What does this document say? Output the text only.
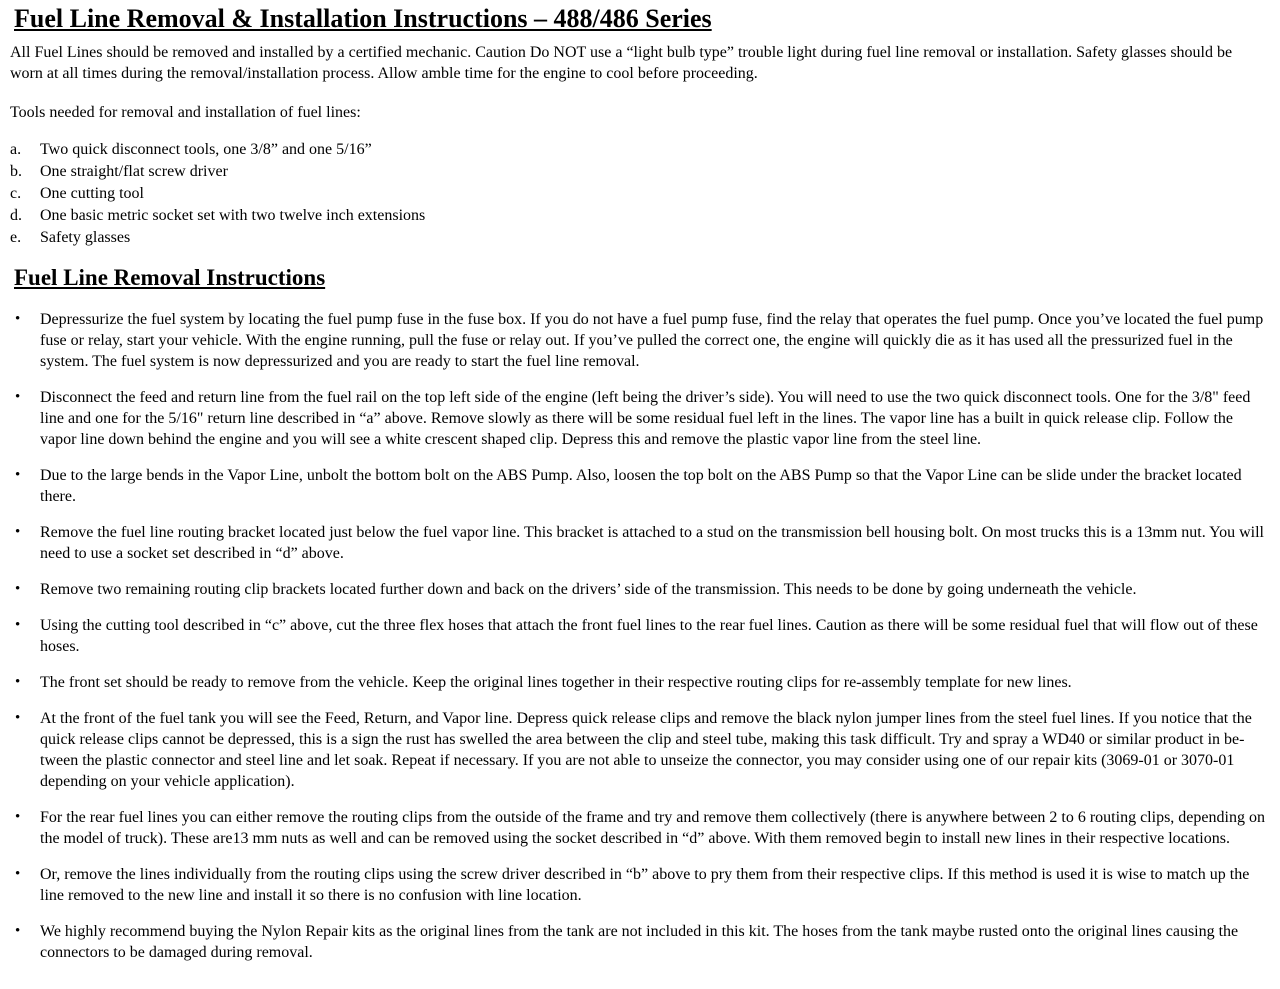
Fuel Line Removal & Installation Instructions – 488/486 Series

All Fuel Lines should be removed and installed by a certified mechanic. Caution Do NOT use a “light bulb type” trouble light during fuel line removal or installation. Safety glasses should be worn at all times during the removal/installation process. Allow amble time for the engine to cool before proceeding.

Tools needed for removal and installation of fuel lines:

a.	Two quick disconnect tools, one 3/8” and one 5/16”
b.	One straight/flat screw driver
c.	One cutting tool
d.	One basic metric socket set with two twelve inch extensions
e.	Safety glasses
Fuel Line Removal Instructions
•	Depressurize the fuel system by locating the fuel pump fuse in the fuse box. If you do not have a fuel pump fuse, find the relay that operates the fuel pump. Once you’ve located the fuel pump fuse or relay, start your vehicle. With the engine running, pull the fuse or relay out. If you’ve pulled the correct one, the engine will quickly die as it has used all the pressurized fuel in the system. The fuel system is now depressurized and you are ready to start the fuel line removal.
•	Disconnect the feed and return line from the fuel rail on the top left side of the engine (left being the driver’s side). You will need to use the two quick disconnect tools. One for the 3/8" feed line and one for the 5/16" return line described in “a” above. Remove slowly as there will be some residual fuel left in the lines. The vapor line has a built in quick release clip. Follow the vapor line down behind the engine and you will see a white crescent shaped clip. Depress this and remove the plastic vapor line from the steel line.
•	Due to the large bends in the Vapor Line, unbolt the bottom bolt on the ABS Pump. Also, loosen the top bolt on the ABS Pump so that the Vapor Line can be slide under the bracket located there.
•	Remove the fuel line routing bracket located just below the fuel vapor line. This bracket is attached to a stud on the transmission bell housing bolt. On most trucks this is a 13mm nut. You will need to use a socket set described in “d” above.
•	Remove two remaining routing clip brackets located further down and back on the drivers’ side of the transmission. This needs to be done by going underneath the vehicle.
•	Using the cutting tool described in “c” above, cut the three flex hoses that attach the front fuel lines to the rear fuel lines. Caution as there will be some residual fuel that will flow out of these hoses.
•	The front set should be ready to remove from the vehicle. Keep the original lines together in their respective routing clips for re-assembly template for new lines.
•	At the front of the fuel tank you will see the Feed, Return, and Vapor line. Depress quick release clips and remove the black nylon jumper lines from the steel fuel lines. If you notice that the quick release clips cannot be depressed, this is a sign the rust has swelled the area between the clip and steel tube, making this task difficult. Try and spray a WD40 or similar product in be-tween the plastic connector and steel line and let soak. Repeat if necessary. If you are not able to unseize the connector, you may consider using one of our repair kits (3069-01 or 3070-01 depending on your vehicle application).
•	For the rear fuel lines you can either remove the routing clips from the outside of the frame and try and remove them collectively (there is anywhere between 2 to 6 routing clips, depending on the model of truck). These are13 mm nuts as well and can be removed using the socket described in “d” above. With them removed begin to install new lines in their respective locations.
•	Or, remove the lines individually from the routing clips using the screw driver described in “b” above to pry them from their respective clips. If this method is used it is wise to match up the line removed to the new line and install it so there is no confusion with line location.
•	We highly recommend buying the Nylon Repair kits as the original lines from the tank are not included in this kit. The hoses from the tank maybe rusted onto the original lines causing the connectors to be damaged during removal.
